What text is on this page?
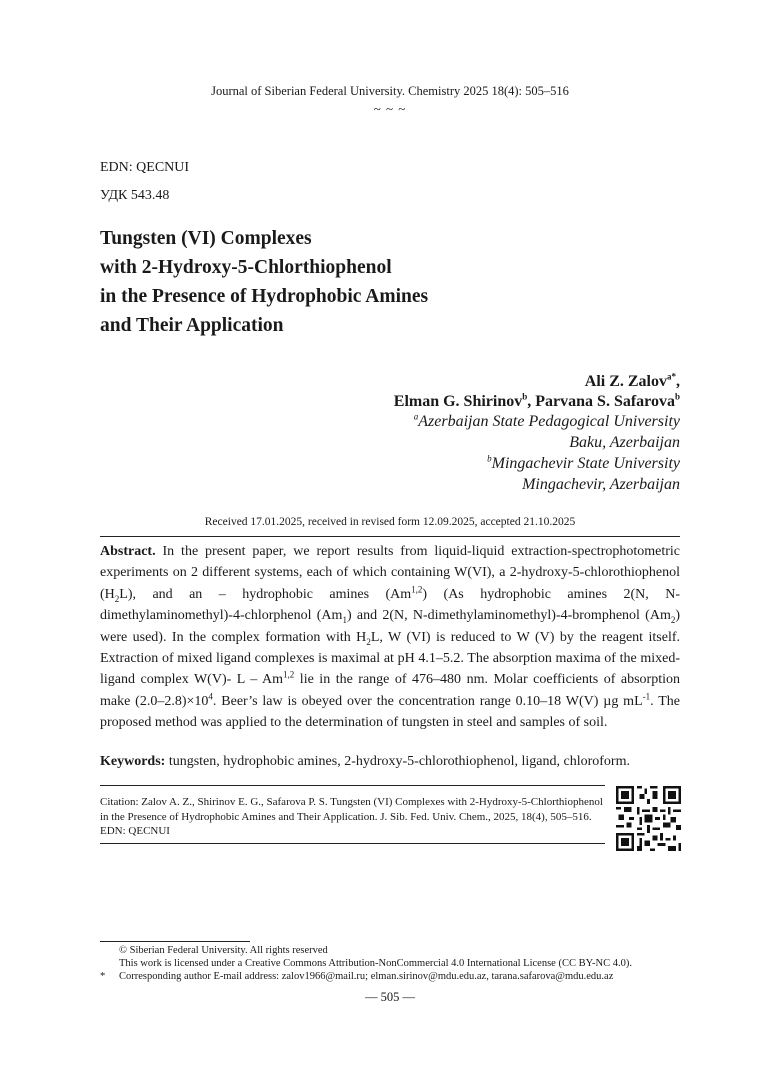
Journal of Siberian Federal University. Chemistry 2025 18(4): 505–516
~ ~ ~
EDN: QECNUI
УДК 543.48
Tungsten (VI) Complexes
with 2-Hydroxy-5-Chlorthiophenol
in the Presence of Hydrophobic Amines
and Their Application
Ali Z. Zalov$^{a*}$,
Elman G. Shirinov$^b$, Parvana S. Safarova$^b$
$^a$Azerbaijan State Pedagogical University
Baku, Azerbaijan
$^b$Mingachevir State University
Mingachevir, Azerbaijan
Received 17.01.2025, received in revised form 12.09.2025, accepted 21.10.2025
Abstract. In the present paper, we report results from liquid-liquid extraction-spectrophotometric experiments on 2 different systems, each of which containing W(VI), a 2-hydroxy-5-chlorothiophenol $(H_2L)$, and an – hydrophobic amines (Am$^{1,2}$) (As hydrophobic amines 2(N, N-dimethylaminomethyl)-4-chlorphenol $(Am_1)$ and 2(N, N-dimethylaminomethyl)-4-bromphenol $(Am_2)$ were used). In the complex formation with $H_2L$, W (VI) is reduced to W (V) by the reagent itself. Extraction of mixed ligand complexes is maximal at pH 4.1–5.2. The absorption maxima of the mixed-ligand complex W(V)- L – Am$^{1,2}$ lie in the range of 476–480 nm. Molar coefficients of absorption make $(2.0-2.8)\times 10^4$. Beer’s law is obeyed over the concentration range 0.10–18 W(V) µg $mL^{-1}$. The proposed method was applied to the determination of tungsten in steel and samples of soil.
Keywords: tungsten, hydrophobic amines, 2-hydroxy-5-chlorothiophenol, ligand, chloroform.
Citation: Zalov A. Z., Shirinov E. G., Safarova P. S. Tungsten (VI) Complexes with 2-Hydroxy-5-Chlorthiophenol
in the Presence of Hydrophobic Amines and Their Application. J. Sib. Fed. Univ. Chem., 2025, 18(4), 505–516.
EDN: QECNUI
© Siberian Federal University. All rights reserved
This work is licensed under a Creative Commons Attribution-NonCommercial 4.0 International License (CC BY-NC 4.0).
* Corresponding author E-mail address: zalov1966@mail.ru; elman.sirinov@mdu.edu.az, tarana.safarova@mdu.edu.az
— 505 —
